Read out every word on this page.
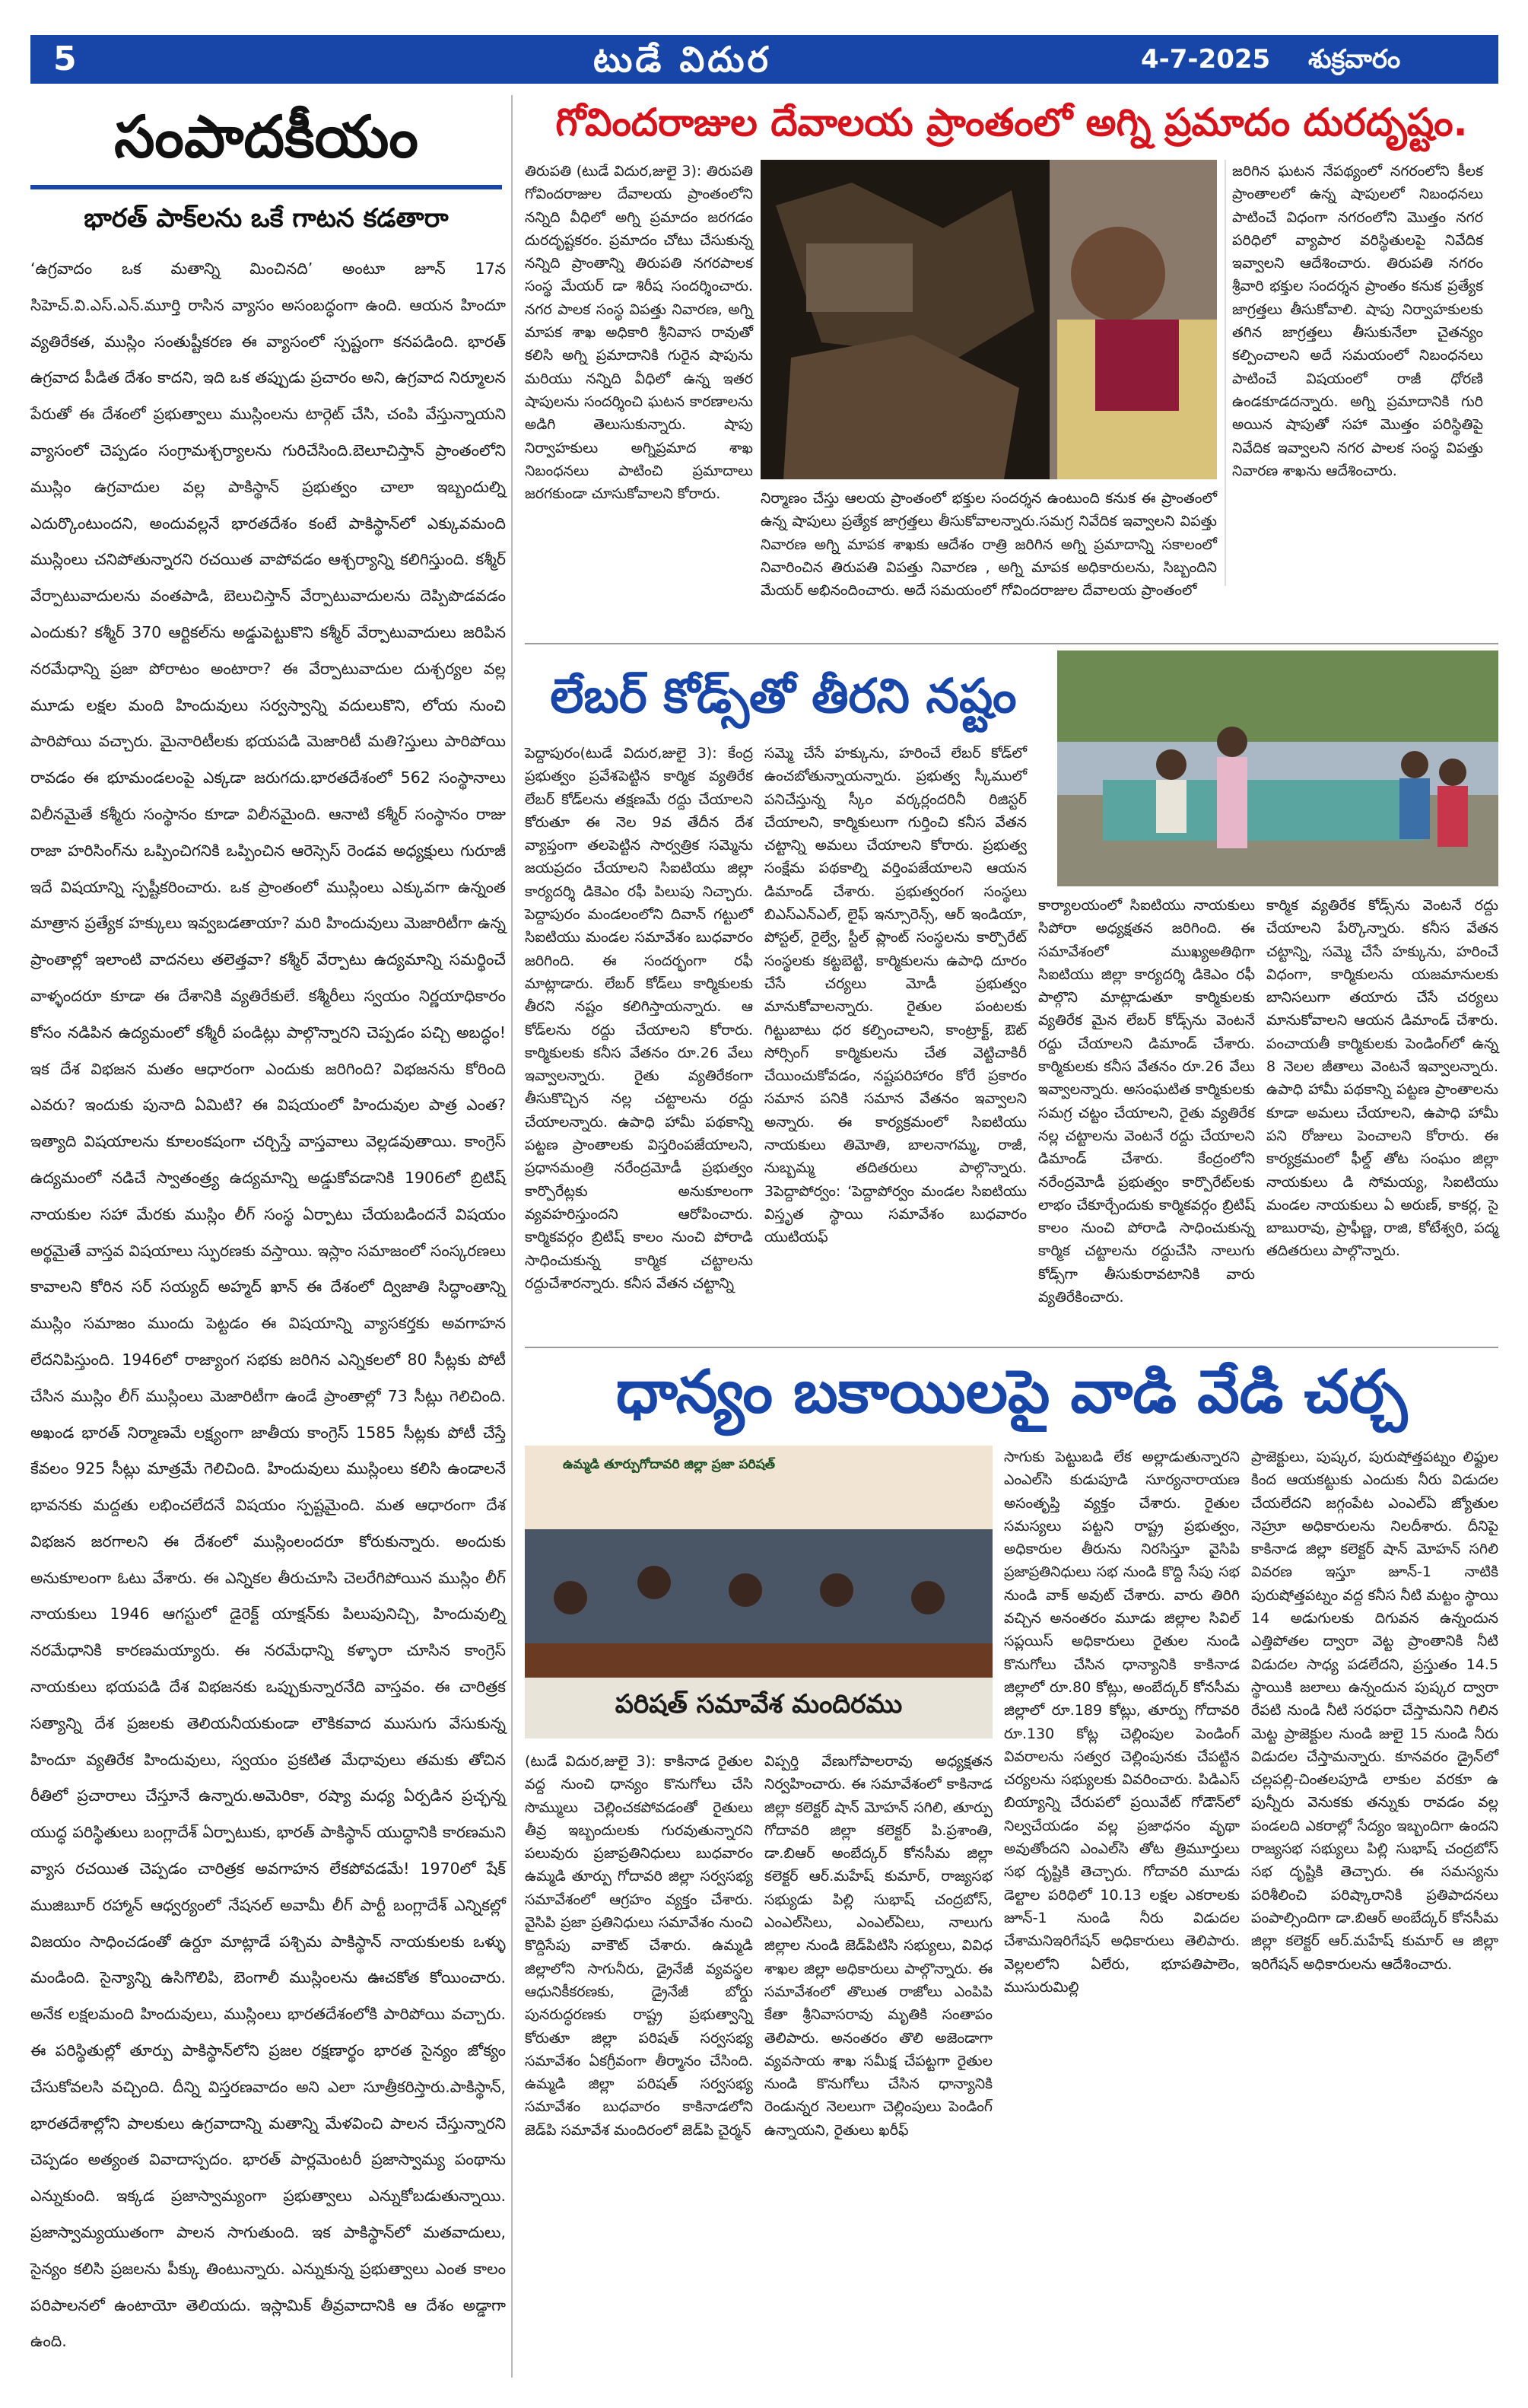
5	టుడే విదుర	4-7-2025 శుక్రవారం
సంపాదకీయం
భారత్ పాక్‌లను ఒకే గాటన కడతారా
‘ఉగ్రవాదం ఒక మతాన్ని మించినది’ అంటూ జూన్ 17న సిహెచ్.వి.ఎస్.ఎన్.మూర్తి రాసిన వ్యాసం అసంబద్ధంగా ఉంది. ఆయన హిందూ వ్యతిరేకత, ముస్లిం సంతుష్టీకరణ ఈ వ్యాసంలో స్పష్టంగా కనపడింది. భారత్ ఉగ్రవాద పీడిత దేశం కాదని, ఇది ఒక తప్పుడు ప్రచారం అని, ఉగ్రవాద నిర్మూలన పేరుతో ఈ దేశంలో ప్రభుత్వాలు ముస్లింలను టార్గెట్ చేసి, చంపి వేస్తున్నాయని వ్యాసంలో చెప్పడం సంగ్రామశ్చర్యాలను గురిచేసింది.బెలూచిస్తాన్ ప్రాంతంలోని ముస్లిం ఉగ్రవాదుల వల్ల పాకిస్థాన్ ప్రభుత్వం చాలా ఇబ్బందుల్ని ఎదుర్కొంటుందని, అందువల్లనే భారతదేశం కంటే పాకిస్థాన్‌లో ఎక్కువమంది ముస్లింలు చనిపోతున్నారని రచయిత వాపోవడం ఆశ్చర్యాన్ని కలిగిస్తుంది. కశ్మీర్ వేర్పాటువాదులను వంతపాడి, బెలుచిస్తాన్ వేర్పాటువాదులను దెప్పిపొడవడం ఎందుకు? కశ్మీర్ 370 ఆర్టికల్‌ను అడ్డుపెట్టుకొని కశ్మీర్ వేర్పాటువాదులు జరిపిన నరమేధాన్ని ప్రజా పోరాటం అంటారా? ఈ వేర్పాటువాదుల దుశ్చర్యల వల్ల మూడు లక్షల మంది హిందువులు సర్వస్వాన్ని వదులుకొని, లోయ నుంచి పారిపోయి వచ్చారు. మైనారిటీలకు భయపడి మెజారిటీ మతి?స్తులు పారిపోయి రావడం ఈ భూమండలంపై ఎక్కడా జరుగదు.భారతదేశంలో 562 సంస్థానాలు విలీనమైతే కశ్మీరు సంస్థానం కూడా విలీనమైంది. ఆనాటి కశ్మీర్ సంస్థానం రాజు రాజా హరిసింగ్‌ను ఒప్పించిగనికి ఒప్పించిన ఆరెస్సెస్ రెండవ అధ్యక్షులు గురూజీ ఇదే విషయాన్ని స్పష్టీకరించారు. ఒక ప్రాంతంలో ముస్లింలు ఎక్కువగా ఉన్నంత మాత్రాన ప్రత్యేక హక్కులు ఇవ్వబడతాయా? మరి హిందువులు మెజారిటీగా ఉన్న ప్రాంతాల్లో ఇలాంటి వాదనలు తలెత్తవా? కశ్మీర్ వేర్పాటు ఉద్యమాన్ని సమర్థించే వాళ్ళందరూ కూడా ఈ దేశానికి వ్యతిరేకులే. కశ్మీరీలు స్వయం నిర్ణయాధికారం కోసం నడిపిన ఉద్యమంలో కశ్మీరీ పండిట్లు పాల్గొన్నారని చెప్పడం పచ్చి అబద్ధం!ఇక దేశ విభజన మతం ఆధారంగా ఎందుకు జరిగింది? విభజనను కోరింది ఎవరు? ఇందుకు పునాది ఏమిటి? ఈ విషయంలో హిందువుల పాత్ర ఎంత? ఇత్యాది విషయాలను కూలంకషంగా చర్చిస్తే వాస్తవాలు వెల్లడవుతాయి. కాంగ్రెస్ ఉద్యమంలో నడిచే స్వాతంత్ర్య ఉద్యమాన్ని అడ్డుకోవడానికి 1906లో బ్రిటిష్ నాయకుల సహా మేరకు ముస్లిం లీగ్ సంస్థ ఏర్పాటు చేయబడిందనే విషయం అర్థమైతే వాస్తవ విషయాలు స్ఫురణకు వస్తాయి. ఇస్లాం సమాజంలో సంస్కరణలు కావాలని కోరిన సర్ సయ్యద్ అహ్మద్ ఖాన్ ఈ దేశంలో ద్విజాతి సిద్ధాంతాన్ని ముస్లిం సమాజం ముందు పెట్టడం ఈ విషయాన్ని వ్యాసకర్తకు అవగాహన లేదనిపిస్తుంది. 1946లో రాజ్యాంగ సభకు జరిగిన ఎన్నికలలో 80 సీట్లకు పోటీ చేసిన ముస్లిం లీగ్ ముస్లింలు మెజారిటీగా ఉండే ప్రాంతాల్లో 73 సీట్లు గెలిచింది. అఖండ భారత్ నిర్మాణమే లక్ష్యంగా జాతీయ కాంగ్రెస్ 1585 సీట్లకు పోటీ చేస్తే కేవలం 925 సీట్లు మాత్రమే గెలిచింది. హిందువులు ముస్లింలు కలిసి ఉండాలనే భావనకు మద్దతు లభించలేదనే విషయం స్పష్టమైంది. మత ఆధారంగా దేశ విభజన జరగాలని ఈ దేశంలో ముస్లింలందరూ కోరుకున్నారు. అందుకు అనుకూలంగా ఓటు వేశారు. ఈ ఎన్నికల తీరుచూసి చెలరేగిపోయిన ముస్లిం లీగ్ నాయకులు 1946 ఆగస్టులో డైరెక్ట్ యాక్షన్‌కు పిలుపునిచ్చి, హిందువుల్ని నరమేధానికి కారణమయ్యారు. ఈ నరమేధాన్ని కళ్ళారా చూసిన కాంగ్రెస్ నాయకులు భయపడి దేశ విభజనకు ఒప్పుకున్నారనేది వాస్తవం. ఈ చారిత్రక సత్యాన్ని దేశ ప్రజలకు తెలియనీయకుండా లౌకికవాద ముసుగు వేసుకున్న హిందూ వ్యతిరేక హిందువులు, స్వయం ప్రకటిత మేధావులు తమకు తోచిన రీతిలో ప్రచారాలు చేస్తూనే ఉన్నారు.అమెరికా, రష్యా మధ్య ఏర్పడిన ప్రచ్ఛన్న యుద్ధ పరిస్థితులు బంగ్లాదేశ్ ఏర్పాటుకు, భారత్ పాకిస్థాన్ యుద్ధానికి కారణమని వ్యాస రచయిత చెప్పడం చారిత్రక అవగాహన లేకపోవడమే! 1970లో షేక్ ముజిబూర్ రహ్మాన్ ఆధ్వర్యంలో నేషనల్ అవామీ లీగ్ పార్టీ బంగ్లాదేశ్ ఎన్నికల్లో విజయం సాధించడంతో ఉర్దూ మాట్లాడే పశ్చిమ పాకిస్థాన్ నాయకులకు ఒళ్ళు మండింది. సైన్యాన్ని ఉసిగొలిపి, బెంగాలీ ముస్లింలను ఊచకోత కోయించారు. అనేక లక్షలమంది హిందువులు, ముస్లింలు భారతదేశంలోకి పారిపోయి వచ్చారు. ఈ పరిస్థితుల్లో తూర్పు పాకిస్థాన్‌లోని ప్రజల రక్షణార్థం భారత సైన్యం జోక్యం చేసుకోవలసి వచ్చింది. దీన్ని విస్తరణవాదం అని ఎలా సూత్రీకరిస్తారు.పాకిస్థాన్, భారతదేశాల్లోని పాలకులు ఉగ్రవాదాన్ని మతాన్ని మేళవించి పాలన చేస్తున్నారని చెప్పడం అత్యంత వివాదాస్పదం. భారత్ పార్లమెంటరీ ప్రజాస్వామ్య పంథాను ఎన్నుకుంది. ఇక్కడ ప్రజాస్వామ్యంగా ప్రభుత్వాలు ఎన్నుకోబడుతున్నాయి. ప్రజాస్వామ్యయుతంగా పాలన సాగుతుంది. ఇక పాకిస్థాన్‌లో మతవాదులు, సైన్యం కలిసి ప్రజలను పీక్కు తింటున్నారు. ఎన్నుకున్న ప్రభుత్వాలు ఎంత కాలం పరిపాలనలో ఉంటాయో తెలియదు. ఇస్లామిక్ తీవ్రవాదానికి ఆ దేశం అడ్డాగా ఉంది.
గోవిందరాజుల దేవాలయ ప్రాంతంలో అగ్ని ప్రమాదం దురదృష్టం.
తిరుపతి (టుడే విదుర,జులై 3): తిరుపతి గోవిందరాజుల దేవాలయ ప్రాంతంలోని నన్నిది వీధిలో అగ్ని ప్రమాదం జరగడం దురదృష్టకరం. ప్రమాదం చోటు చేసుకున్న నన్నిది ప్రాంతాన్ని తిరుపతి నగరపాలక సంస్థ మేయర్ డా శిరీష సందర్శించారు. నగర పాలక సంస్థ విపత్తు నివారణ, అగ్ని మాపక శాఖ అధికారి శ్రీనివాస రావుతో కలిసి అగ్ని ప్రమాదానికి గురైన షాపును మరియు నన్నిది వీధిలో ఉన్న ఇతర షాపులను సందర్శించి ఘటన కారణాలను అడిగి తెలుసుకున్నారు. షాపు నిర్వాహకులు అగ్నిప్రమాద శాఖ నిబంధనలు పాటించి ప్రమాదాలు జరగకుండా చూసుకోవాలని కోరారు.	నిర్మాణం చేస్తు ఆలయ ప్రాంతంలో భక్తుల సందర్శన ఉంటుంది కనుక ఈ ప్రాంతంలో ఉన్న షాపులు ప్రత్యేక జాగ్రత్తలు తీసుకోవాలన్నారు.సమగ్ర నివేదిక ఇవ్వాలని విపత్తు నివారణ అగ్ని మాపక శాఖకు ఆదేశం రాత్రి జరిగిన అగ్ని ప్రమాదాన్ని సకాలంలో నివారించిన తిరుపతి విపత్తు నివారణ , అగ్ని మాపక అధికారులను, సిబ్బందిని మేయర్ అభినందించారు. అదే సమయంలో గోవిందరాజుల దేవాలయ ప్రాంతంలో
జరిగిన ఘటన నేపథ్యంలో నగరంలోని కీలక ప్రాంతాలలో ఉన్న షాపులలో నిబంధనలు పాటించే విధంగా నగరంలోని మొత్తం నగర పరిధిలో వ్యాపార వరిస్థితులపై నివేదిక ఇవ్వాలని ఆదేశించారు. తిరుపతి నగరం శ్రీవారి భక్తుల సందర్శన ప్రాంతం కనుక ప్రత్యేక జాగ్రత్తలు తీసుకోవాలి. షాపు నిర్వాహకులకు తగిన జాగ్రత్తలు తీసుకునేలా చైతన్యం కల్పించాలని అదే సమయంలో నిబంధనలు పాటించే విషయంలో రాజీ ధోరణి ఉండకూడదన్నారు. అగ్ని ప్రమాదానికి గురి అయిన షాపుతో సహా మొత్తం పరిస్థితిపై నివేదిక ఇవ్వాలని నగర పాలక సంస్థ విపత్తు నివారణ శాఖను ఆదేశించారు.
లేబర్ కోడ్స్‌తో తీరని నష్టం
పెద్దాపురం(టుడే విదుర,జులై 3): కేంద్ర ప్రభుత్వం ప్రవేశపెట్టిన కార్మిక వ్యతిరేక లేబర్ కోడ్‌లను తక్షణమే రద్దు చేయాలని కోరుతూ ఈ నెల 9వ తేదీన దేశ వ్యాప్తంగా తలపెట్టిన సార్వత్రిక సమ్మెను జయప్రదం చేయాలని సిఐటియు జిల్లా కార్యదర్శి డికెఎం రఫీ పిలుపు నిచ్చారు. పెద్దాపురం మండలంలోని దివాన్ గట్టులో సిఐటియు మండల సమావేశం బుధవారం జరిగింది. ఈ సందర్భంగా రఫీ మాట్లాడారు. లేబర్ కోడ్‌లు కార్మికులకు తీరని నష్టం కలిగిస్తాయన్నారు. ఆ కోడ్‌లను రద్దు చేయాలని కోరారు. కార్మికులకు కనీస వేతనం రూ.26 వేలు ఇవ్వాలన్నారు. రైతు వ్యతిరేకంగా తీసుకొచ్చిన నల్ల చట్టాలను రద్దు చేయాలన్నారు. ఉపాధి హామీ పథకాన్ని పట్టణ ప్రాంతాలకు విస్తరింపజేయాలని, ప్రధానమంత్రి నరేంద్రమోడీ ప్రభుత్వం కార్పొరేట్లకు అనుకూలంగా వ్యవహరిస్తుందని ఆరోపించారు. కార్మికవర్గం బ్రిటిష్ కాలం నుంచి పోరాడి సాధించుకున్న కార్మిక చట్టాలను రద్దుచేశారన్నారు. కనీస వేతన చట్టాన్ని
సమ్మె చేసే హక్కును, హరించే లేబర్ కోడ్‌లో ఉంచబోతున్నాయన్నారు. ప్రభుత్వ స్కీములో పనిచేస్తున్న స్కీం వర్కర్లందరినీ రిజిస్టర్ చేయాలని, కార్మికులుగా గుర్తించి కనీస వేతన చట్టాన్ని అమలు చేయాలని కోరారు. ప్రభుత్వ సంక్షేమ పథకాల్ని వర్తింపజేయాలని ఆయన డిమాండ్ చేశారు. ప్రభుత్వరంగ సంస్థలు బిఎస్ఎన్ఎల్, లైఫ్ ఇన్సూరెన్స్, ఆర్ ఇండియా, పోస్టల్, రైల్వే, స్టీల్ ప్లాంట్ సంస్థలను కార్పొరేట్ సంస్థలకు కట్టబెట్టి, కార్మికులను ఉపాధి దూరం చేసే చర్యలు మోడీ ప్రభుత్వం మానుకోవాలన్నారు. రైతుల పంటలకు గిట్టుబాటు ధర కల్పించాలని, కాంట్రాక్ట్, ఔట్ సోర్సింగ్ కార్మికులను చేత వెట్టిచాకిరీ చేయించుకోవడం, నష్టపరిహారం కోరే ప్రకారం సమాన పనికి సమాన వేతనం ఇవ్వాలని అన్నారు. ఈ కార్యక్రమంలో సిఐటియు నాయకులు తిమోతి, బాలనాగమ్మ, రాజీ, నుబ్బమ్మ తదితరులు పాల్గొన్నారు. 3పెద్దాపోర్వం: ‘పెద్దాపోర్వం మండల సిఐటియు విస్తృత స్థాయి సమావేశం బుధవారం యుటియఫ్
కార్యాలయంలో సిఐటియు నాయకులు సిపోరా అధ్యక్షతన జరిగింది. ఈ సమావేశంలో ముఖ్యఅతిథిగా సిఐటియు జిల్లా కార్యదర్శి డికెఎం రఫీ పాల్గొని మాట్లాడుతూ కార్మికులకు వ్యతిరేక మైన లేబర్ కోడ్స్‌ను వెంటనే రద్దు చేయాలని డిమాండ్ చేశారు. కార్మికులకు కనీస వేతనం రూ.26 వేలు ఇవ్వాలన్నారు. అసంఘటిత కార్మికులకు సమగ్ర చట్టం చేయాలని, రైతు వ్యతిరేక నల్ల చట్టాలను వెంటనే రద్దు చేయాలని డిమాండ్ చేశారు. కేంద్రంలోని నరేంద్రమోడీ ప్రభుత్వం కార్పొరేట్‌లకు లాభం చేకూర్చేందుకు కార్మికవర్గం బ్రిటిష్ కాలం నుంచి పోరాడి సాధించుకున్న కార్మిక చట్టాలను రద్దుచేసి నాలుగు కోడ్స్‌గా తీసుకురావటానికి వారు వ్యతిరేకించారు.
కార్మిక వ్యతిరేక కోడ్స్‌ను వెంటనే రద్దు చేయాలని పేర్కొన్నారు. కనీస వేతన చట్టాన్ని, సమ్మె చేసే హక్కును, హరించే విధంగా, కార్మికులను యజమానులకు బానిసలుగా తయారు చేసే చర్యలు మానుకోవాలని ఆయన డిమాండ్ చేశారు. పంచాయతీ కార్మికులకు పెండింగ్‌లో ఉన్న 8 నెలల జీతాలు వెంటనే ఇవ్వాలన్నారు. ఉపాధి హామీ పథకాన్ని పట్టణ ప్రాంతాలను కూడా అమలు చేయాలని, ఉపాధి హామీ పని రోజులు పెంచాలని కోరారు. ఈ కార్యక్రమంలో ఫీల్డ్ తోట సంఘం జిల్లా నాయకులు డి సోమయ్య, సిఐటియు మండల నాయకులు ఏ అరుణ్, కాకర్ల, సై బాబురావు, ప్రాఫీణ్ణ, రాజి, కోటేశ్వరి, పద్మ తదితరులు పాల్గొన్నారు.
ధాన్యం బకాయిలపై వాడి వేడి చర్చ
ఉమ్మడి తూర్పుగోదావరి జిల్లా ప్రజా పరిషత్
పరిషత్ సమావేశ మందిరము
(టుడే విదుర,జులై 3): కాకినాడ రైతుల వద్ద నుంచి ధాన్యం కొనుగోలు చేసి సొమ్ములు చెల్లించకపోవడంతో రైతులు తీవ్ర ఇబ్బందులకు గురవుతున్నారని పలువురు ప్రజాప్రతినిధులు బుధవారం ఉమ్మడి తూర్పు గోదావరి జిల్లా సర్వసభ్య సమావేశంలో ఆగ్రహం వ్యక్తం చేశారు. వైసిపి ప్రజా ప్రతినిధులు సమావేశం నుంచి కొద్దిసేపు వాకౌట్ చేశారు. ఉమ్మడి జిల్లాలోని సాగునీరు, డ్రైనేజీ వ్యవస్థల ఆధునికీకరణకు, డ్రైనేజీ బోర్డు పునరుద్ధరణకు రాష్ట్ర ప్రభుత్వాన్ని కోరుతూ జిల్లా పరిషత్ సర్వసభ్య సమావేశం ఏకగ్రీవంగా తీర్మానం చేసింది. ఉమ్మడి జిల్లా పరిషత్ సర్వసభ్య సమావేశం బుధవారం కాకినాడలోని జెడ్‌పి సమావేశ మందిరంలో జెడ్‌పి చైర్మన్
విప్పర్తి వేణుగోపాలరావు అధ్యక్షతన నిర్వహించారు. ఈ సమావేశంలో కాకినాడ జిల్లా కలెక్టర్ షాన్ మోహన్ సగిలి, తూర్పు గోదావరి జిల్లా కలెక్టర్ పి.ప్రశాంతి, డా.బిఆర్ అంబేద్కర్ కోనసీమ జిల్లా కలెక్టర్ ఆర్.మహేష్ కుమార్, రాజ్యసభ సభ్యుడు పిల్లి సుభాష్ చంద్రబోస్, ఎంఎల్‌సిలు, ఎంఎల్‌ఏలు, నాలుగు జిల్లాల నుండి జెడ్‌పిటిసి సభ్యులు, వివిధ శాఖల జిల్లా అధికారులు పాల్గొన్నారు. ఈ సమావేశంలో తొలుత రాజోలు ఎంపిపి కేతా శ్రీనివాసరావు మృతికి సంతాపం తెలిపారు. అనంతరం తొలి అజెండాగా వ్యవసాయ శాఖ సమీక్ష చేపట్టగా రైతుల నుండి కొనుగోలు చేసిన ధాన్యానికి రెండున్నర నెలలుగా చెల్లింపులు పెండింగ్ ఉన్నాయని, రైతులు ఖరీఫ్
సాగుకు పెట్టుబడి లేక అల్లాడుతున్నారని ఎంఎల్‌సి కుడుపూడి సూర్యనారాయణ అసంతృప్తి వ్యక్తం చేశారు. రైతుల సమస్యలు పట్టని రాష్ట్ర ప్రభుత్వం, అధికారుల తీరును నిరసిస్తూ వైసిపి ప్రజాప్రతినిధులు సభ నుండి కొద్ది సేపు సభ నుండి వాక్ అవుట్ చేశారు. వారు తిరిగి వచ్చిన అనంతరం మూడు జిల్లాల సివిల్ సప్లయిస్ అధికారులు రైతుల నుండి కొనుగోలు చేసిన ధాన్యానికి కాకినాడ జిల్లాలో రూ.80 కోట్లు, అంబేద్కర్ కోనసీమ జిల్లాలో రూ.189 కోట్లు, తూర్పు గోదావరి రూ.130 కోట్ల చెల్లింపుల పెండింగ్ వివరాలను సత్వర చెల్లింపునకు చేపట్టిన చర్యలను సభ్యులకు వివరించారు. పిడిఎస్ బియ్యాన్ని చేరుపలో ప్రయివేట్ గోడౌన్‌లో నిల్వచేయడం వల్ల ప్రజాధనం వృథా అవుతోందని ఎంఎల్‌సి తోట త్రిమూర్తులు సభ దృష్టికి తెచ్చారు. గోదావరి మూడు డెల్టాల పరిధిలో 10.13 లక్షల ఎకరాలకు జూన్-1 నుండి నీరు విడుదల చేశామనిఇరిగేషన్ అధికారులు తెలిపారు. వెల్లలలోని ఏలేరు, భూపతిపాలెం, ముసురుమిల్లి
ప్రాజెక్టులు, పుష్కర, పురుషోత్తపట్నం లిఫ్టుల కింద ఆయకట్టుకు ఎందుకు నీరు విడుదల చేయలేదని జగ్గంపేట ఎంఎల్ఏ జ్యోతుల నెహ్రూ అధికారులను నిలదీశారు. దీనిపై కాకినాడ జిల్లా కలెక్టర్ షాన్ మోహన్ సగిలి వివరణ ఇస్తూ జూన్-1 నాటికి పురుషోత్తపట్నం వద్ద కనీస నీటి మట్టం స్థాయి 14 అడుగులకు దిగువన ఉన్నందున ఎత్తిపోతల ద్వారా వెట్ట ప్రాంతానికి నీటి విడుదల సాధ్య పడలేదని, ప్రస్తుతం 14.5 స్థాయికి జలాలు ఉన్నందున పుష్కర ద్వారా రేపటి నుండి నీటి సరఫరా చేస్తామనిని గిలిన మెట్ట ప్రాజెక్టుల నుండి జులై 15 నుండి నీరు విడుదల చేస్తామన్నారు. కూనవరం డ్రైన్‌లో చల్లపల్లి-చింతలపూడి లాకుల వరకూ ఉ పున్నీరు వెనుకకు తన్నుకు రావడం వల్ల పండలది ఎకరాల్లో సేద్యం ఇబ్బందిగా ఉందని రాజ్యసభ సభ్యులు పిల్లి సుభాష్ చంద్రబోస్ సభ దృష్టికి తెచ్చారు. ఈ సమస్యను పరిశీలించి పరిష్కారానికి ప్రతిపాదనలు పంపాల్సిందిగా డా.బిఆర్ అంబేద్కర్ కోనసీమ జిల్లా కలెక్టర్ ఆర్.మహేష్ కుమార్ ఆ జిల్లా ఇరిగేషన్ అధికారులను ఆదేశించారు.
